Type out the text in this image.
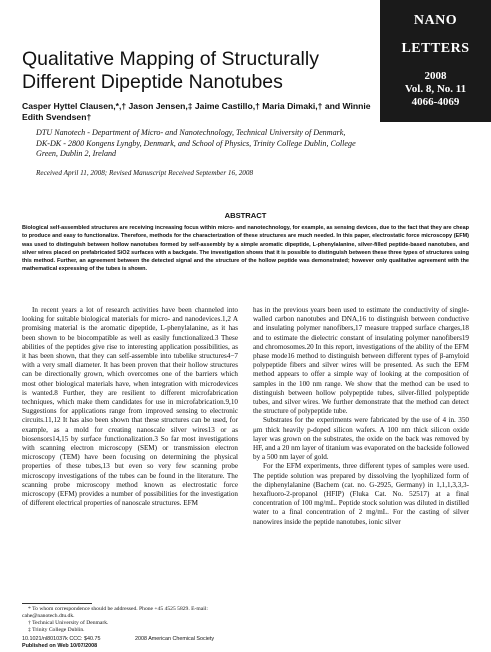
NANO
LETTERS
2008
Vol. 8, No. 11
4066-4069
Qualitative Mapping of Structurally Different Dipeptide Nanotubes
Casper Hyttel Clausen,*,† Jason Jensen,‡ Jaime Castillo,† Maria Dimaki,† and Winnie Edith Svendsen†
DTU Nanotech - Department of Micro- and Nanotechnology, Technical University of Denmark, DK-DK - 2800 Kongens Lyngby, Denmark, and School of Physics, Trinity College Dublin, College Green, Dublin 2, Ireland
Received April 11, 2008; Revised Manuscript Received September 16, 2008
ABSTRACT
Biological self-assembled structures are receiving increasing focus within micro- and nanotechnology, for example, as sensing devices, due to the fact that they are cheap to produce and easy to functionalize. Therefore, methods for the characterization of these structures are much needed. In this paper, electrostatic force microscopy (EFM) was used to distinguish between hollow nanotubes formed by self-assembly by a simple aromatic dipeptide, L-phenylalanine, silver-filled peptide-based nanotubes, and silver wires placed on prefabricated SiO2 surfaces with a backgate. The investigation shows that it is possible to distinguish between these three types of structures using this method. Further, an agreement between the detected signal and the structure of the hollow peptide was demonstrated; however only qualitative agreement with the mathematical expressing of the tubes is shown.

In recent years a lot of research activities have been channeled into looking for suitable biological materials for micro- and nanodevices.1,2 A promising material is the aromatic dipeptide, L-phenylalanine, as it has been shown to be biocompatible as well as easily functionalized.3 These abilities of the peptides give rise to interesting application possibilities, as it has been shown, that they can self-assemble into tubelike structures4−7 with a very small diameter. It has been proven that their hollow structures can be directionally grown, which overcomes one of the barriers which most other biological materials have, when integration with microdevices is wanted.8 Further, they are resilient to different microfabrication techniques, which make them candidates for use in microfabrication.9,10 Suggestions for applications range from improved sensing to electronic circuits.11,12 It has also been shown that these structures can be used, for example, as a mold for creating nanoscale silver wires13 or as biosensors14,15 by surface functionalization.3 So far most investigations with scanning electron microscopy (SEM) or transmission electron microscopy (TEM) have been focusing on determining the physical properties of these tubes,13 but even so very few scanning probe microscopy investigations of the tubes can be found in the literature. The scanning probe microscopy method known as electrostatic force microscopy (EFM) provides a number of possibilities for the investigation of different electrical properties of nanoscale structures. EFM

has in the previous years been used to estimate the conductivity of single-walled carbon nanotubes and DNA,16 to distinguish between conductive and insulating polymer nanofibers,17 measure trapped surface charges,18 and to estimate the dielectric constant of insulating polymer nanofibers19 and chromosomes.20 In this report, investigations of the ability of the EFM phase mode16 method to distinguish between different types of β-amyloid polypeptide fibers and silver wires will be presented. As such the EFM method appears to offer a simple way of looking at the composition of samples in the 100 nm range. We show that the method can be used to distinguish between hollow polypeptide tubes, silver-filled polypeptide tubes, and silver wires. We further demonstrate that the method can detect the structure of polypeptide tube.

Substrates for the experiments were fabricated by the use of 4 in. 350 μm thick heavily p-doped silicon wafers. A 100 nm thick silicon oxide layer was grown on the substrates, the oxide on the back was removed by HF, and a 20 nm layer of titanium was evaporated on the backside followed by a 500 nm layer of gold.

For the EFM experiments, three different types of samples were used. The peptide solution was prepared by dissolving the lyophilized form of the diphenylalanine (Bachem (cat. no. G-2925, Germany) in 1,1,1,3,3,3-hexafluoro-2-propanol (HFIP) (Fluka Cat. No. 52517) at a final concentration of 100 mg/mL. Peptide stock solution was diluted in distilled water to a final concentration of 2 mg/mL. For the casting of silver nanowires inside the peptide nanotubes, ionic silver

* To whom correspondence should be addressed. Phone +45 4525 5829. E-mail: cahe@nanotech.dtu.dk.
† Technical University of Denmark.
‡ Trinity College Dublin.
10.1021/nl801037k CCC: $40.75
Published on Web 10/07/2008
2008 American Chemical Society
